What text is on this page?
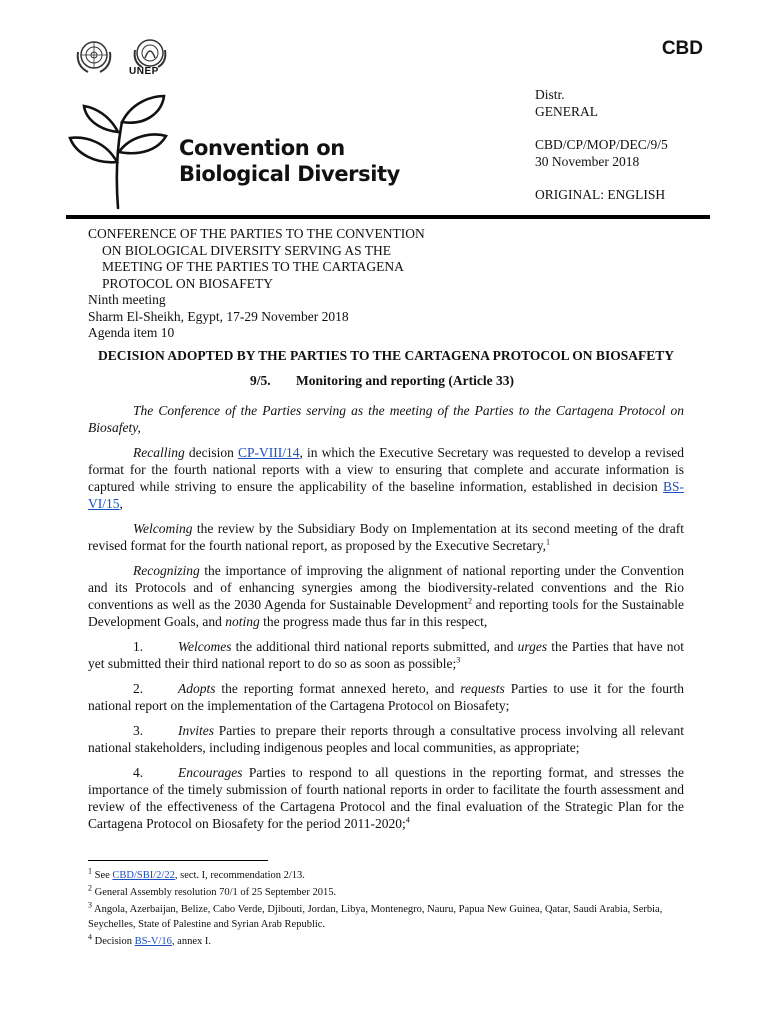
UNEP
CBD
Convention on
Biological Diversity
Distr.
GENERAL
CBD/CP/MOP/DEC/9/5
30 November 2018
ORIGINAL: ENGLISH
CONFERENCE OF THE PARTIES TO THE CONVENTION
ON BIOLOGICAL DIVERSITY SERVING AS THE
MEETING OF THE PARTIES TO THE CARTAGENA
PROTOCOL ON BIOSAFETY
Ninth meeting
Sharm El-Sheikh, Egypt, 17-29 November 2018
Agenda item 10
DECISION ADOPTED BY THE PARTIES TO THE CARTAGENA PROTOCOL ON BIOSAFETY
9/5. Monitoring and reporting (Article 33)

The Conference of the Parties serving as the meeting of the Parties to the Cartagena Protocol on Biosafety,

Recalling decision CP-VIII/14, in which the Executive Secretary was requested to develop a revised format for the fourth national reports with a view to ensuring that complete and accurate information is captured while striving to ensure the applicability of the baseline information, established in decision BS-VI/15,

Welcoming the review by the Subsidiary Body on Implementation at its second meeting of the draft revised format for the fourth national report, as proposed by the Executive Secretary,$^1$

Recognizing the importance of improving the alignment of national reporting under the Convention and its Protocols and of enhancing synergies among the biodiversity-related conventions and the Rio conventions as well as the 2030 Agenda for Sustainable Development$^2$ and reporting tools for the Sustainable Development Goals, and noting the progress made thus far in this respect,

1.	Welcomes the additional third national reports submitted, and urges the Parties that have not yet submitted their third national report to do so as soon as possible;$^3$

2.	Adopts the reporting format annexed hereto, and requests Parties to use it for the fourth national report on the implementation of the Cartagena Protocol on Biosafety;

3.	Invites Parties to prepare their reports through a consultative process involving all relevant national stakeholders, including indigenous peoples and local communities, as appropriate;

4.	Encourages Parties to respond to all questions in the reporting format, and stresses the importance of the timely submission of fourth national reports in order to facilitate the fourth assessment and review of the effectiveness of the Cartagena Protocol and the final evaluation of the Strategic Plan for the Cartagena Protocol on Biosafety for the period 2011-2020;$^4$

$^1$ See CBD/SBI/2/22, sect. I, recommendation 2/13.
$^2$ General Assembly resolution 70/1 of 25 September 2015.
$^3$ Angola, Azerbaijan, Belize, Cabo Verde, Djibouti, Jordan, Libya, Montenegro, Nauru, Papua New Guinea, Qatar, Saudi Arabia, Serbia, Seychelles, State of Palestine and Syrian Arab Republic.
$^4$ Decision BS-V/16, annex I.
